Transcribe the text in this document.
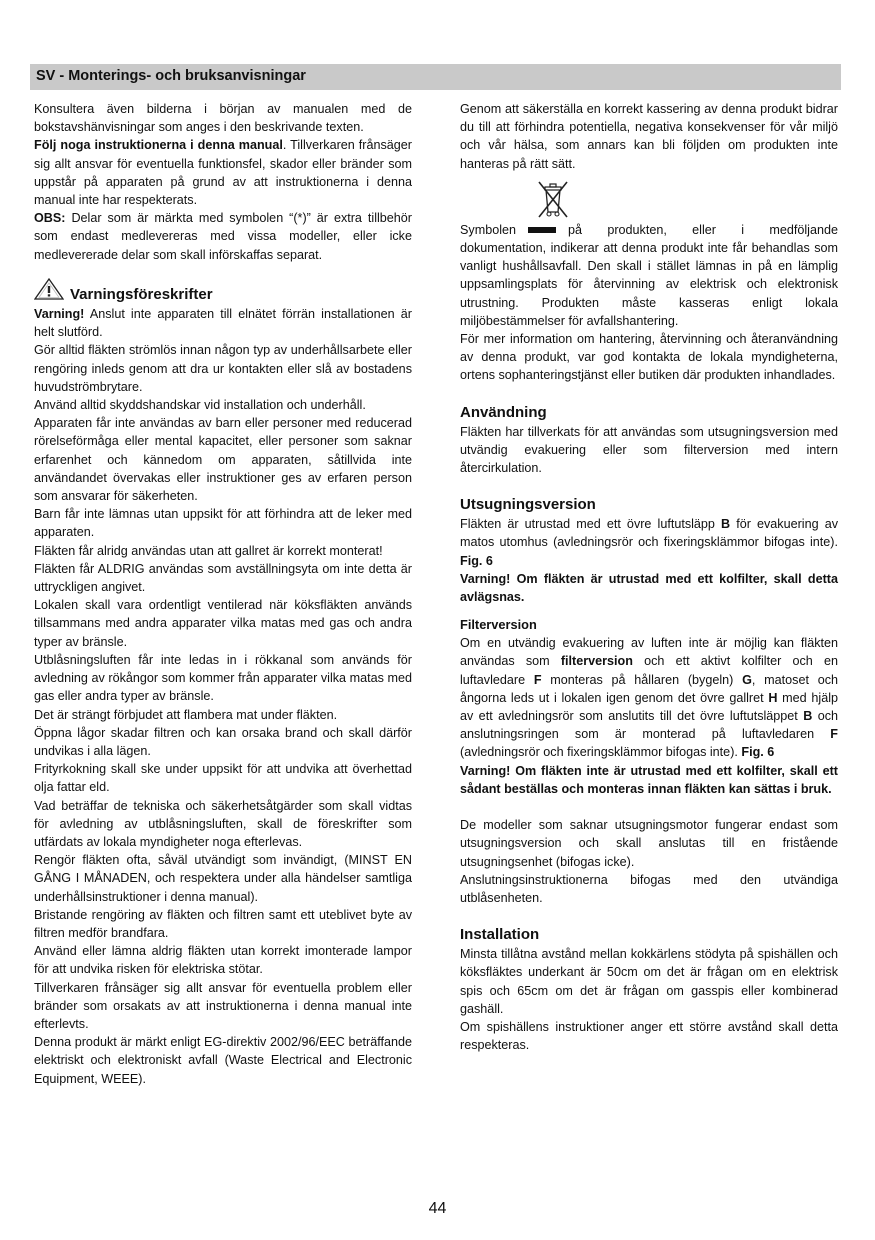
SV - Monterings- och bruksanvisningar

Konsultera även bilderna i början av manualen med de bokstavshänvisningar som anges i den beskrivande texten.

Följ noga instruktionerna i denna manual. Tillverkaren frånsäger sig allt ansvar för eventuella funktionsfel, skador eller bränder som uppstår på apparaten på grund av att instruktionerna i denna manual inte har respekterats.

OBS: Delar som är märkta med symbolen “(*)” är extra tillbehör som endast medlevereras med vissa modeller, eller icke medlevererade delar som skall införskaffas separat.

Varningsföreskrifter

Varning! Anslut inte apparaten till elnätet förrän installationen är helt slutförd.

Gör alltid fläkten strömlös innan någon typ av underhållsarbete eller rengöring inleds genom att dra ur kontakten eller slå av bostadens huvudströmbrytare.

Använd alltid skyddshandskar vid installation och underhåll.

Apparaten får inte användas av barn eller personer med reducerad rörelseförmåga eller mental kapacitet, eller personer som saknar erfarenhet och kännedom om apparaten, såtillvida inte användandet övervakas eller instruktioner ges av erfaren person som ansvarar för säkerheten.

Barn får inte lämnas utan uppsikt för att förhindra att de leker med apparaten.

Fläkten får alridg användas utan att gallret är korrekt monterat!

Fläkten får ALDRIG användas som avställningsyta om inte detta är uttryckligen angivet.

Lokalen skall vara ordentligt ventilerad när köksfläkten används tillsammans med andra apparater vilka matas med gas och andra typer av bränsle.

Utblåsningsluften får inte ledas in i rökkanal som används för avledning av rökångor som kommer från apparater vilka matas med gas eller andra typer av bränsle.

Det är strängt förbjudet att flambera mat under fläkten.

Öppna lågor skadar filtren och kan orsaka brand och skall därför undvikas i alla lägen.

Frityrkokning skall ske under uppsikt för att undvika att överhettad olja fattar eld.

Vad beträffar de tekniska och säkerhetsåtgärder som skall vidtas för avledning av utblåsningsluften, skall de föreskrifter som utfärdats av lokala myndigheter noga efterlevas.

Rengör fläkten ofta, såväl utvändigt som invändigt, (MINST EN GÅNG I MÅNADEN, och respektera under alla händelser samtliga underhållsinstruktioner i denna manual).

Bristande rengöring av fläkten och filtren samt ett uteblivet byte av filtren medför brandfara.

Använd eller lämna aldrig fläkten utan korrekt imonterade lampor för att undvika risken för elektriska stötar.

Tillverkaren frånsäger sig allt ansvar för eventuella problem eller bränder som orsakats av att instruktionerna i denna manual inte efterlevts.

Denna produkt är märkt enligt EG-direktiv 2002/96/EEC beträffande elektriskt och elektroniskt avfall (Waste Electrical and Electronic Equipment, WEEE).

Genom att säkerställa en korrekt kassering av denna produkt bidrar du till att förhindra potentiella, negativa konsekvenser för vår miljö och vår hälsa, som annars kan bli följden om produkten inte hanteras på rätt sätt.

Symbolen	på produkten, eller i medföljande dokumentation, indikerar att denna produkt inte får behandlas som vanligt hushållsavfall. Den skall i stället lämnas in på en lämplig uppsamlingsplats för återvinning av elektrisk och elektronisk utrustning. Produkten måste kasseras enligt lokala miljöbestämmelser för avfallshantering.

För mer information om hantering, återvinning och återanvändning av denna produkt, var god kontakta de lokala myndigheterna, ortens sophanteringstjänst eller butiken där produkten inhandlades.

Användning

Fläkten har tillverkats för att användas som utsugningsversion med utvändig evakuering eller som filterversion med intern återcirkulation.

Utsugningsversion

Fläkten är utrustad med ett övre luftutsläpp B för evakuering av matos utomhus (avledningsrör och fixeringsklämmor bifogas inte). Fig. 6

Varning! Om fläkten är utrustad med ett kolfilter, skall detta avlägsnas.

Filterversion

Om en utvändig evakuering av luften inte är möjlig kan fläkten användas som filterversion och ett aktivt kolfilter och en luftavledare F monteras på hållaren (bygeln) G, matoset och ångorna leds ut i lokalen igen genom det övre gallret H med hjälp av ett avledningsrör som anslutits till det övre luftutsläppet B och anslutningsringen som är monterad på luftavledaren F (avledningsrör och fixeringsklämmor bifogas inte). Fig. 6

Varning! Om fläkten inte är utrustad med ett kolfilter, skall ett sådant beställas och monteras innan fläkten kan sättas i bruk.

De modeller som saknar utsugningsmotor fungerar endast som utsugningsversion och skall anslutas till en fristående utsugningsenhet (bifogas icke).

Anslutningsinstruktionerna bifogas med den utvändiga utblåsenheten.

Installation

Minsta tillåtna avstånd mellan kokkärlens stödyta på spishällen och köksfläktes underkant är 50cm om det är frågan om en elektrisk spis och 65cm om det är frågan om gasspis eller kombinerad gashäll.

Om spishällens instruktioner anger ett större avstånd skall detta respekteras.

44
